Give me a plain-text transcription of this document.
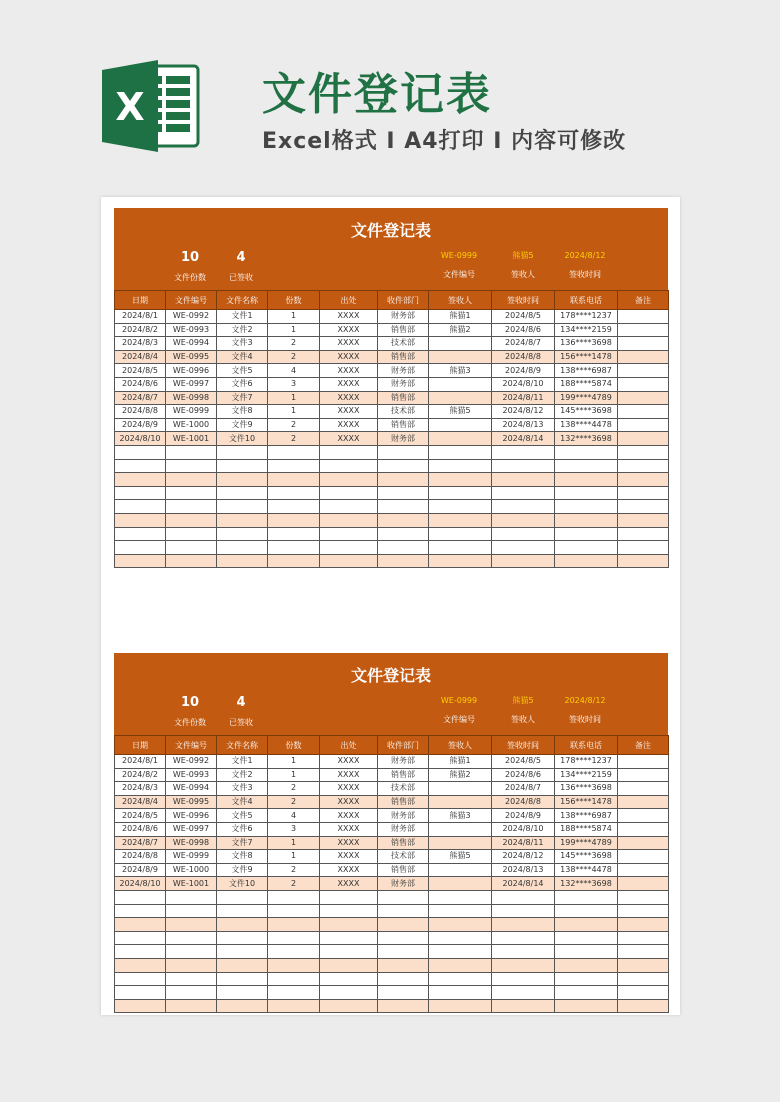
X	文件登记表
Excel格式 I A4打印 I 内容可修改
文件登记表
10
文件份数
4
已签收
WE-0999
文件编号
熊猫5
签收人
2024/8/12
签收时间
日期	文件编号	文件名称	份数	出处	收件部门	签收人	签收时间	联系电话	备注
2024/8/1	WE-0992	文件1	1	XXXX	财务部	熊猫1	2024/8/5	178****1237	
2024/8/2	WE-0993	文件2	1	XXXX	销售部	熊猫2	2024/8/6	134****2159	
2024/8/3	WE-0994	文件3	2	XXXX	技术部		2024/8/7	136****3698	
2024/8/4	WE-0995	文件4	2	XXXX	销售部		2024/8/8	156****1478	
2024/8/5	WE-0996	文件5	4	XXXX	财务部	熊猫3	2024/8/9	138****6987	
2024/8/6	WE-0997	文件6	3	XXXX	财务部		2024/8/10	188****5874	
2024/8/7	WE-0998	文件7	1	XXXX	销售部		2024/8/11	199****4789	
2024/8/8	WE-0999	文件8	1	XXXX	技术部	熊猫5	2024/8/12	145****3698	
2024/8/9	WE-1000	文件9	2	XXXX	销售部		2024/8/13	138****4478	
2024/8/10	WE-1001	文件10	2	XXXX	财务部		2024/8/14	132****3698	

文件登记表
10
文件份数
4
已签收
WE-0999
文件编号
熊猫5
签收人
2024/8/12
签收时间
日期	文件编号	文件名称	份数	出处	收件部门	签收人	签收时间	联系电话	备注
2024/8/1	WE-0992	文件1	1	XXXX	财务部	熊猫1	2024/8/5	178****1237	
2024/8/2	WE-0993	文件2	1	XXXX	销售部	熊猫2	2024/8/6	134****2159	
2024/8/3	WE-0994	文件3	2	XXXX	技术部		2024/8/7	136****3698	
2024/8/4	WE-0995	文件4	2	XXXX	销售部		2024/8/8	156****1478	
2024/8/5	WE-0996	文件5	4	XXXX	财务部	熊猫3	2024/8/9	138****6987	
2024/8/6	WE-0997	文件6	3	XXXX	财务部		2024/8/10	188****5874	
2024/8/7	WE-0998	文件7	1	XXXX	销售部		2024/8/11	199****4789	
2024/8/8	WE-0999	文件8	1	XXXX	技术部	熊猫5	2024/8/12	145****3698	
2024/8/9	WE-1000	文件9	2	XXXX	销售部		2024/8/13	138****4478	
2024/8/10	WE-1001	文件10	2	XXXX	财务部		2024/8/14	132****3698	
